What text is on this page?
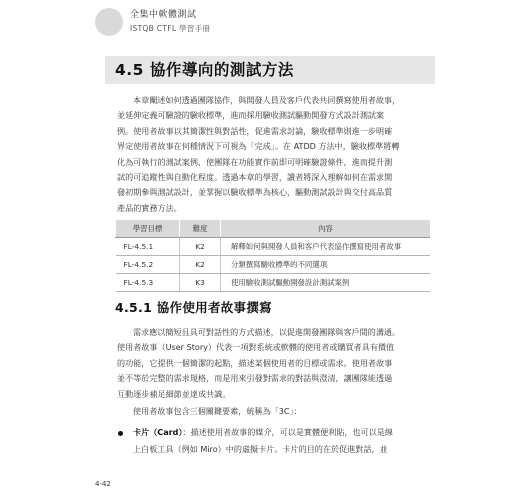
全集中軟體測試
ISTQB CTFL 學習手冊
4.5 協作導向的測試方法
本章闡述如何透過團隊協作，與開發人員及客戶代表共同撰寫使用者故事，
並延伸定義可驗證的驗收標準，進而採用驗收測試驅動開發方式設計測試案
例。使用者故事以其簡潔性與對話性，促進需求討論，驗收標準則進一步明確
界定使用者故事在何種情況下可視為「完成」。在 ATDD 方法中，驗收標準將轉
化為可執行的測試案例，使團隊在功能實作前即可明確驗證條件，進而提升測
試的可追蹤性與自動化程度。透過本章的學習，讀者將深入理解如何在需求開
發初期參與測試設計，並掌握以驗收標準為核心，驅動測試設計與交付高品質
產品的實務方法。
學習目標	難度	內容
FL-4.5.1	K2	解釋如何與開發人員和客戶代表協作撰寫使用者故事
FL-4.5.2	K2	分類撰寫驗收標準的不同選項
FL-4.5.3	K3	使用驗收測試驅動開發設計測試案例
4.5.1 協作使用者故事撰寫
需求應以簡短且具可對話性的方式描述，以促進開發團隊與客戶間的溝通。
使用者故事（User Story）代表一項對系統或軟體的使用者或購買者具有價值
的功能，它提供一個簡潔的起點，描述某個使用者的目標或需求。使用者故事
並不等於完整的需求規格，而是用來引發對需求的對話與澄清，讓團隊能透過
互動逐步補足細節並達成共識。
使用者故事包含三個關鍵要素，統稱為「3C」：
卡片（Card）：描述使用者故事的媒介，可以是實體便利貼，也可以是線
上白板工具（例如 Miro）中的虛擬卡片。卡片的目的在於促進對話，並
4-42
